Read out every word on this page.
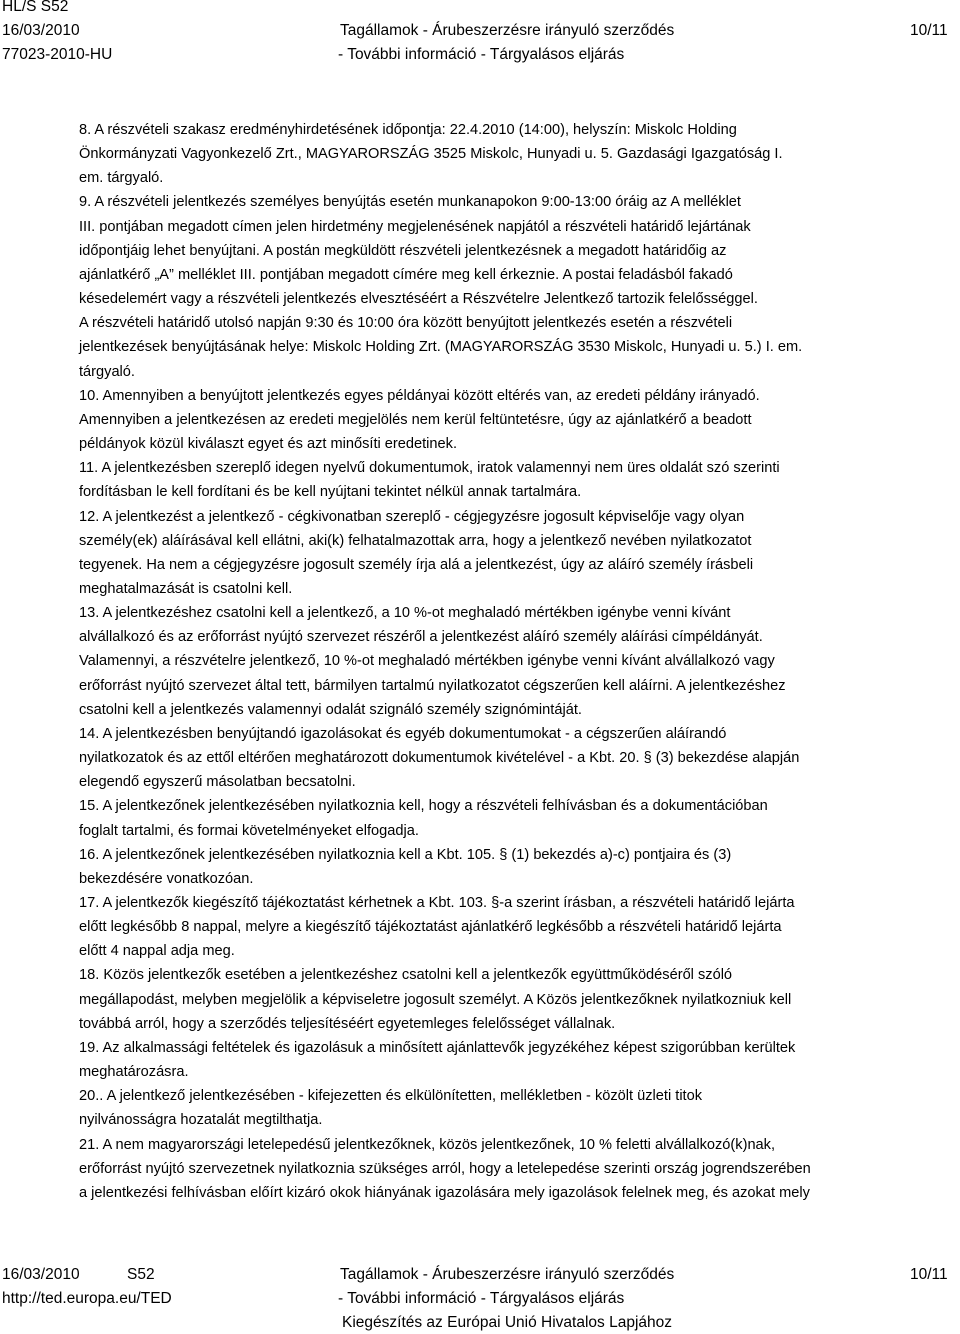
HL/S S52
16/03/2010
77023-2010-HU
Tagállamok - Árubeszerzésre irányuló szerződés
- További információ - Tárgyalásos eljárás
10/11
8. A részvételi szakasz eredményhirdetésének időpontja: 22.4.2010 (14:00), helyszín: Miskolc Holding
Önkormányzati Vagyonkezelő Zrt., MAGYARORSZÁG 3525 Miskolc, Hunyadi u. 5. Gazdasági Igazgatóság I.
em. tárgyaló.
9. A részvételi jelentkezés személyes benyújtás esetén munkanapokon 9:00-13:00 óráig az A melléklet
III. pontjában megadott címen jelen hirdetmény megjelenésének napjától a részvételi határidő lejártának
időpontjáig lehet benyújtani. A postán megküldött részvételi jelentkezésnek a megadott határidőig az
ajánlatkérő „A” melléklet III. pontjában megadott címére meg kell érkeznie. A postai feladásból fakadó
késedelemért vagy a részvételi jelentkezés elvesztéséért a Részvételre Jelentkező tartozik felelősséggel.
A részvételi határidő utolsó napján 9:30 és 10:00 óra között benyújtott jelentkezés esetén a részvételi
jelentkezések benyújtásának helye: Miskolc Holding Zrt. (MAGYARORSZÁG 3530 Miskolc, Hunyadi u. 5.) I. em.
tárgyaló.
10. Amennyiben a benyújtott jelentkezés egyes példányai között eltérés van, az eredeti példány irányadó.
Amennyiben a jelentkezésen az eredeti megjelölés nem kerül feltüntetésre, úgy az ajánlatkérő a beadott
példányok közül kiválaszt egyet és azt minősíti eredetinek.
11. A jelentkezésben szereplő idegen nyelvű dokumentumok, iratok valamennyi nem üres oldalát szó szerinti
fordításban le kell fordítani és be kell nyújtani tekintet nélkül annak tartalmára.
12. A jelentkezést a jelentkező - cégkivonatban szereplő - cégjegyzésre jogosult képviselője vagy olyan
személy(ek) aláírásával kell ellátni, aki(k) felhatalmazottak arra, hogy a jelentkező nevében nyilatkozatot
tegyenek. Ha nem a cégjegyzésre jogosult személy írja alá a jelentkezést, úgy az aláíró személy írásbeli
meghatalmazását is csatolni kell.
13. A jelentkezéshez csatolni kell a jelentkező, a 10 %-ot meghaladó mértékben igénybe venni kívánt
alvállalkozó és az erőforrást nyújtó szervezet részéről a jelentkezést aláíró személy aláírási címpéldányát.
Valamennyi, a részvételre jelentkező, 10 %-ot meghaladó mértékben igénybe venni kívánt alvállalkozó vagy
erőforrást nyújtó szervezet által tett, bármilyen tartalmú nyilatkozatot cégszerűen kell aláírni. A jelentkezéshez
csatolni kell a jelentkezés valamennyi odalát szignáló személy szignómintáját.
14. A jelentkezésben benyújtandó igazolásokat és egyéb dokumentumokat - a cégszerűen aláírandó
nyilatkozatok és az ettől eltérően meghatározott dokumentumok kivételével - a Kbt. 20. § (3) bekezdése alapján
elegendő egyszerű másolatban becsatolni.
15. A jelentkezőnek jelentkezésében nyilatkoznia kell, hogy a részvételi felhívásban és a dokumentációban
foglalt tartalmi, és formai követelményeket elfogadja.
16. A jelentkezőnek jelentkezésében nyilatkoznia kell a Kbt. 105. § (1) bekezdés a)-c) pontjaira és (3)
bekezdésére vonatkozóan.
17. A jelentkezők kiegészítő tájékoztatást kérhetnek a Kbt. 103. §-a szerint írásban, a részvételi határidő lejárta
előtt legkésőbb 8 nappal, melyre a kiegészítő tájékoztatást ajánlatkérő legkésőbb a részvételi határidő lejárta
előtt 4 nappal adja meg.
18. Közös jelentkezők esetében a jelentkezéshez csatolni kell a jelentkezők együttműködéséről szóló
megállapodást, melyben megjelölik a képviseletre jogosult személyt. A Közös jelentkezőknek nyilatkozniuk kell
továbbá arról, hogy a szerződés teljesítéséért egyetemleges felelősséget vállalnak.
19. Az alkalmassági feltételek és igazolásuk a minősített ajánlattevők jegyzékéhez képest szigorúbban kerültek
meghatározásra.
20.. A jelentkező jelentkezésében - kifejezetten és elkülönítetten, mellékletben - közölt üzleti titok
nyilvánosságra hozatalát megtilthatja.
21. A nem magyarországi letelepedésű jelentkezőknek, közös jelentkezőnek, 10 % feletti alvállalkozó(k)nak,
erőforrást nyújtó szervezetnek nyilatkoznia szükséges arról, hogy a letelepedése szerinti ország jogrendszerében
a jelentkezési felhívásban előírt kizáró okok hiányának igazolására mely igazolások felelnek meg, és azokat mely
16/03/2010	S52
http://ted.europa.eu/TED
Tagállamok - Árubeszerzésre irányuló szerződés
- További információ - Tárgyalásos eljárás
Kiegészítés az Európai Unió Hivatalos Lapjához
10/11
